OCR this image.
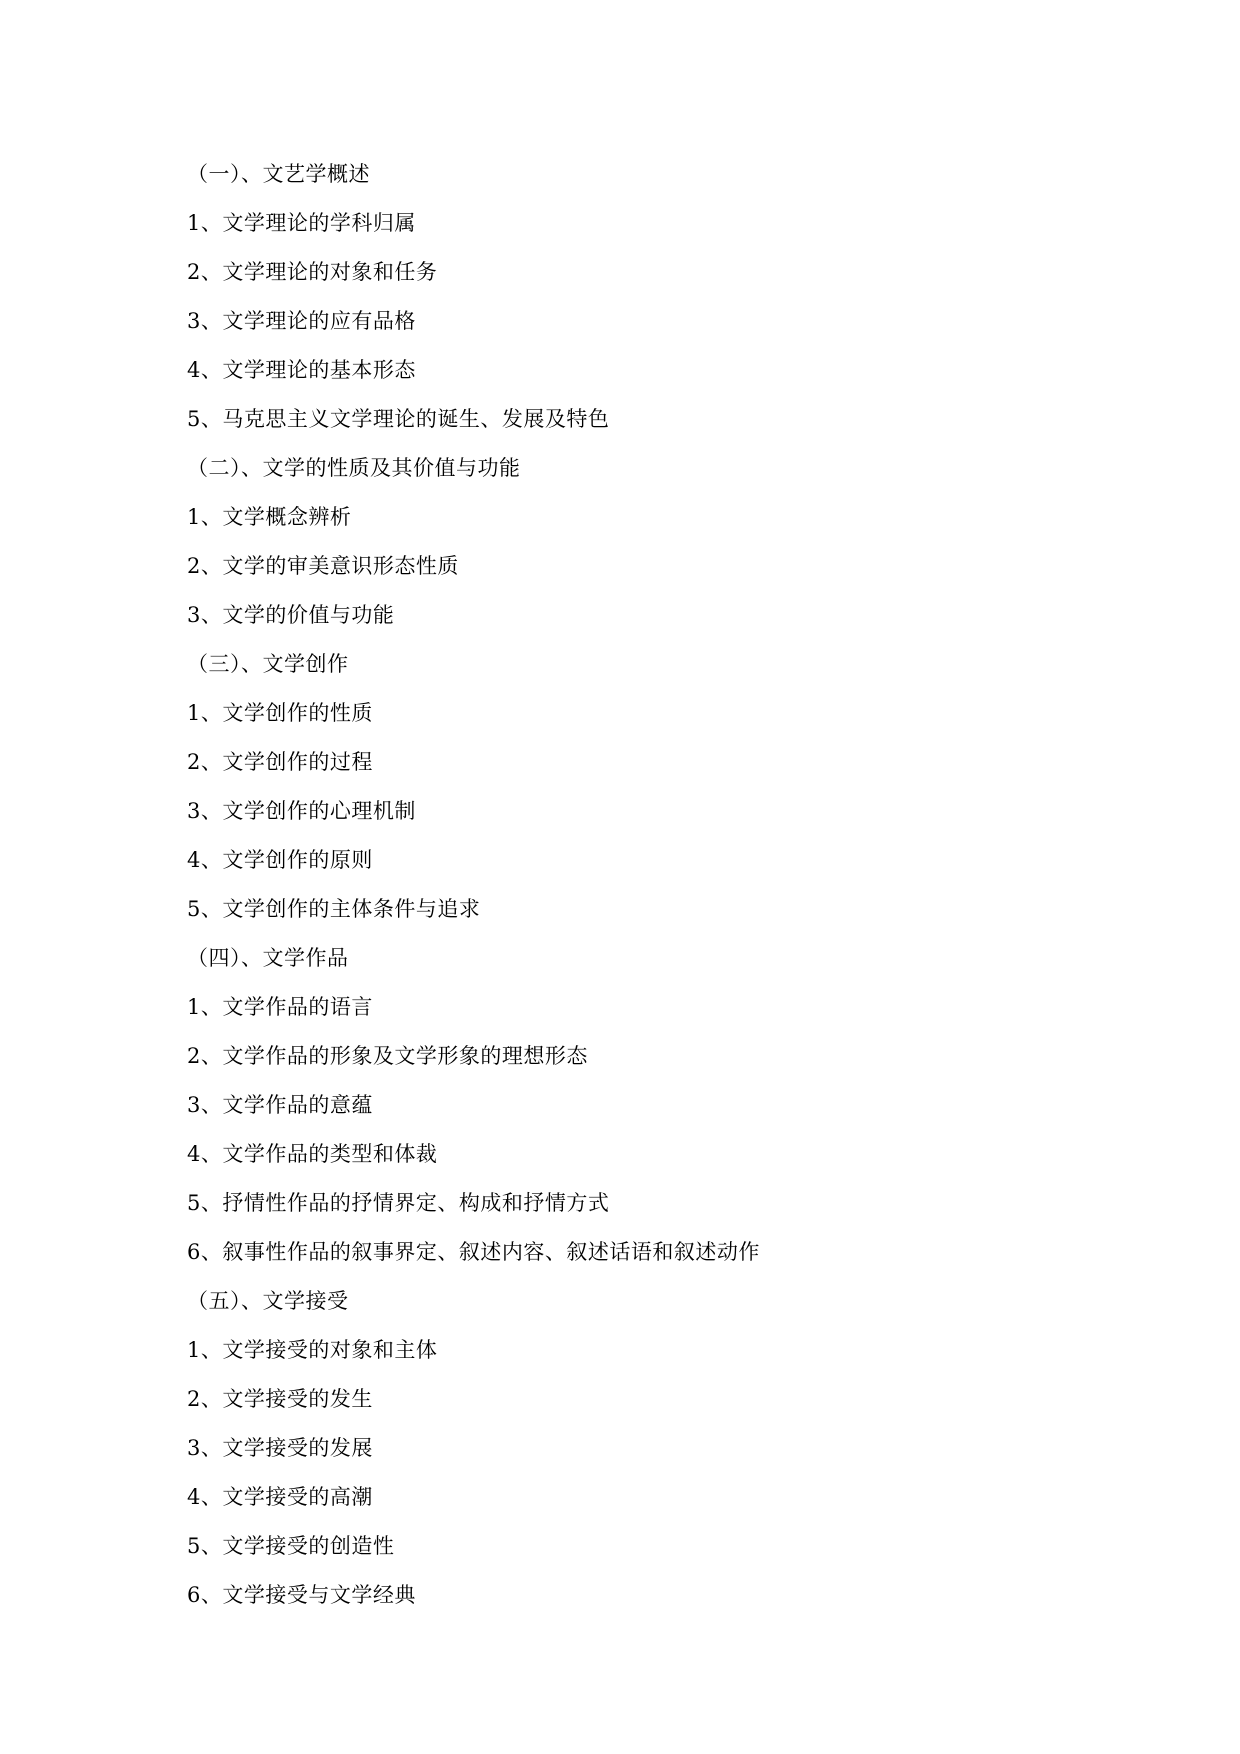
（一）、文艺学概述
1、文学理论的学科归属
2、文学理论的对象和任务
3、文学理论的应有品格
4、文学理论的基本形态
5、马克思主义文学理论的诞生、发展及特色
（二）、文学的性质及其价值与功能
1、文学概念辨析
2、文学的审美意识形态性质
3、文学的价值与功能
（三）、文学创作
1、文学创作的性质
2、文学创作的过程
3、文学创作的心理机制
4、文学创作的原则
5、文学创作的主体条件与追求
（四）、文学作品
1、文学作品的语言
2、文学作品的形象及文学形象的理想形态
3、文学作品的意蕴
4、文学作品的类型和体裁
5、抒情性作品的抒情界定、构成和抒情方式
6、叙事性作品的叙事界定、叙述内容、叙述话语和叙述动作
（五）、文学接受
1、文学接受的对象和主体
2、文学接受的发生
3、文学接受的发展
4、文学接受的高潮
5、文学接受的创造性
6、文学接受与文学经典
